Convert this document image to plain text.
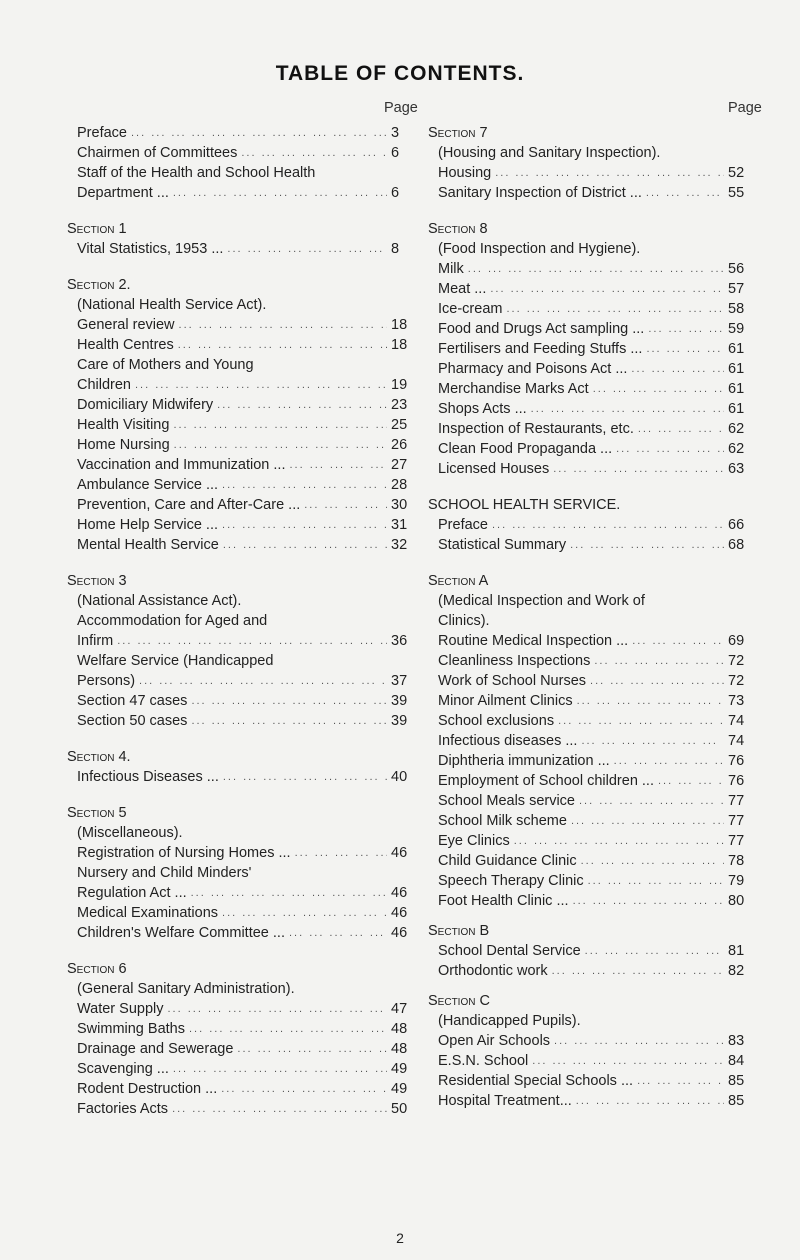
TABLE OF CONTENTS.
Page	Page
Preface ... .	3
Chairmen of Committees ... .	6
Staff of the Health and School Health
Department ... ... .	6
Section 1
Vital Statistics, 1953 ... ... .	8
Section 2.
(National Health Service Act).
General review ... .	18
Health Centres ... .	18
Care of Mothers and Young
Children ... .	19
Domiciliary Midwifery ... .	23
Health Visiting ... .	25
Home Nursing ... .	26
Vaccination and Immunization ... ... .	27
Ambulance Service ... ... .	28
Prevention, Care and After-Care ... ... .	30
Home Help Service ... ... .	31
Mental Health Service ... .	32
Section 3
(National Assistance Act).
Accommodation for Aged and
Infirm ... .	36
Welfare Service (Handicapped
Persons) ... .	37
Section 47 cases ... .	39
Section 50 cases ... .	39
Section 4.
Infectious Diseases ... ... .	40
Section 5
(Miscellaneous).
Registration of Nursing Homes ... ... .	46
Nursery and Child Minders'
Regulation Act ... ... .	46
Medical Examinations ... .	46
Children's Welfare Committee ... ... .	46
Section 6
(General Sanitary Administration).
Water Supply ... .	47
Swimming Baths ... .	48
Drainage and Sewerage ... .	48
Scavenging ... ... .	49
Rodent Destruction ... ... .	49
Factories Acts ... .	50
Section 7
(Housing and Sanitary Inspection).
Housing ... .	52
Sanitary Inspection of District ... ... .	55
Section 8
(Food Inspection and Hygiene).
Milk ... .	56
Meat ... ... .	57
Ice-cream ... .	58
Food and Drugs Act sampling ... ... .	59
Fertilisers and Feeding Stuffs ... ... .	61
Pharmacy and Poisons Act ... ... .	61
Merchandise Marks Act ... .	61
Shops Acts ... ... .	61
Inspection of Restaurants, etc. ... .	62
Clean Food Propaganda ... ... .	62
Licensed Houses ... .	63
SCHOOL HEALTH SERVICE.
Preface ... .	66
Statistical Summary ... .	68
Section A
(Medical Inspection and Work of
Clinics).
Routine Medical Inspection ... ... .	69
Cleanliness Inspections ... .	72
Work of School Nurses ... .	72
Minor Ailment Clinics ... .	73
School exclusions ... .	74
Infectious diseases ... ... .	74
Diphtheria immunization ... ... .	76
Employment of School children ... ... .	76
School Meals service ... .	77
School Milk scheme ... .	77
Eye Clinics ... .	77
Child Guidance Clinic ... .	78
Speech Therapy Clinic ... .	79
Foot Health Clinic ... ... .	80
Section B
School Dental Service ... .	81
Orthodontic work ... .	82
Section C
(Handicapped Pupils).
Open Air Schools ... .	83
E.S.N. School ... .	84
Residential Special Schools ... ... .	85
Hospital Treatment... ... .	85
2
